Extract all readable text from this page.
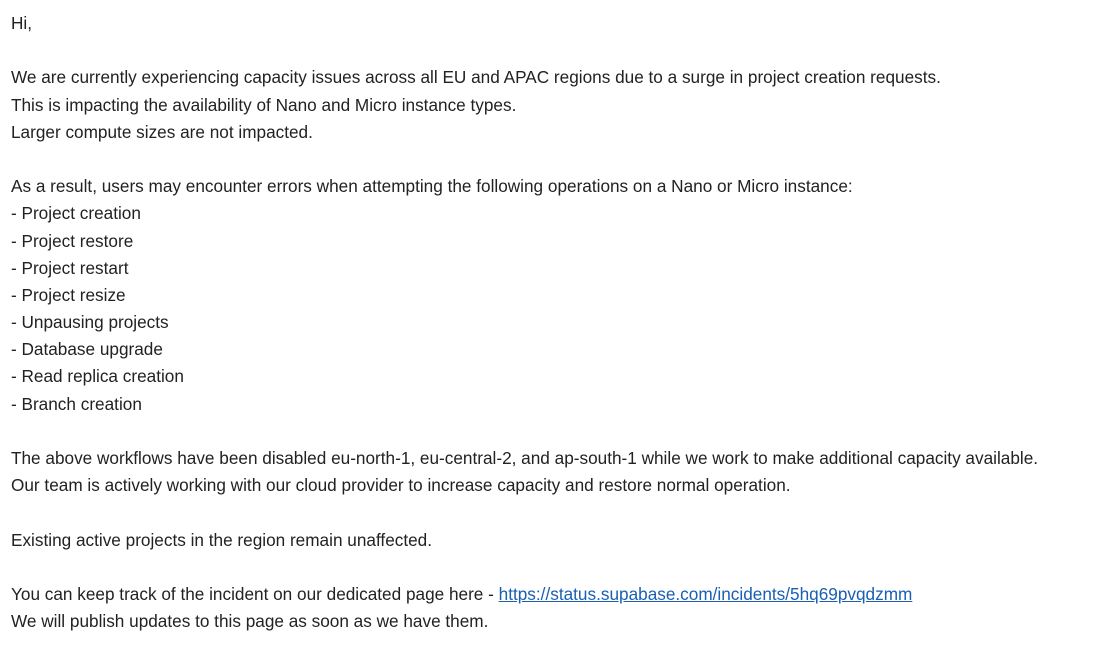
Hi,
We are currently experiencing capacity issues across all EU and APAC regions due to a surge in project creation requests.
This is impacting the availability of Nano and Micro instance types.
Larger compute sizes are not impacted.
As a result, users may encounter errors when attempting the following operations on a Nano or Micro instance:
- Project creation
- Project restore
- Project restart
- Project resize
- Unpausing projects
- Database upgrade
- Read replica creation
- Branch creation
The above workflows have been disabled eu-north-1, eu-central-2, and ap-south-1 while we work to make additional capacity available.
Our team is actively working with our cloud provider to increase capacity and restore normal operation.
Existing active projects in the region remain unaffected.
You can keep track of the incident on our dedicated page here - https://status.supabase.com/incidents/5hq69pvqdzmm
We will publish updates to this page as soon as we have them.
